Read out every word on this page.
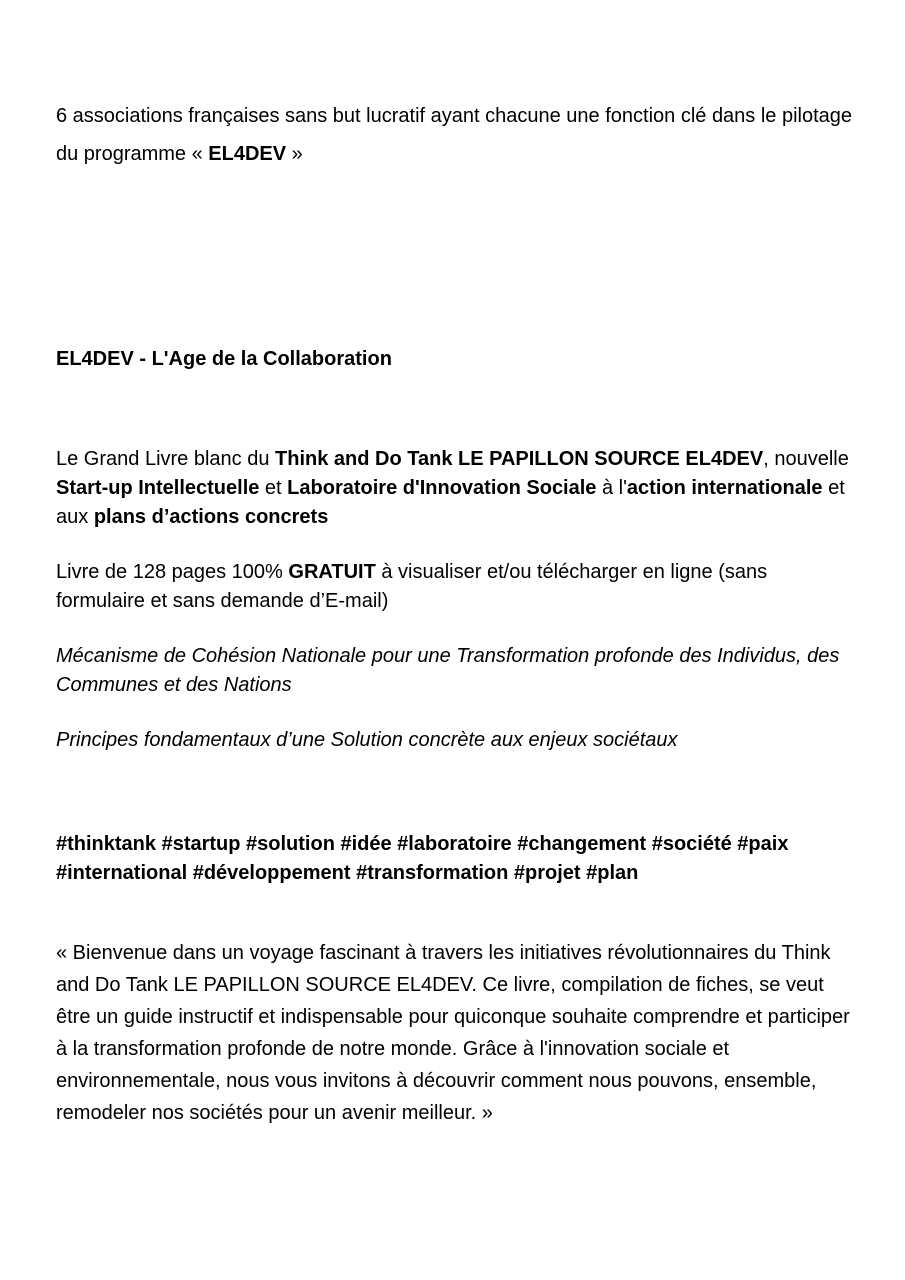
6 associations françaises sans but lucratif ayant chacune une fonction clé dans le pilotage
du programme « EL4DEV »

EL4DEV - L'Age de la Collaboration

Le Grand Livre blanc du Think and Do Tank LE PAPILLON SOURCE EL4DEV, nouvelle
Start-up Intellectuelle et Laboratoire d'Innovation Sociale à l'action internationale et
aux plans d’actions concrets

Livre de 128 pages 100% GRATUIT à visualiser et/ou télécharger en ligne (sans
formulaire et sans demande d’E-mail)

Mécanisme de Cohésion Nationale pour une Transformation profonde des Individus, des
Communes et des Nations

Principes fondamentaux d’une Solution concrète aux enjeux sociétaux

#thinktank #startup #solution #idée #laboratoire #changement #société #paix
#international #développement #transformation #projet #plan

« Bienvenue dans un voyage fascinant à travers les initiatives révolutionnaires du Think
and Do Tank LE PAPILLON SOURCE EL4DEV. Ce livre, compilation de fiches, se veut
être un guide instructif et indispensable pour quiconque souhaite comprendre et participer
à la transformation profonde de notre monde. Grâce à l'innovation sociale et
environnementale, nous vous invitons à découvrir comment nous pouvons, ensemble,
remodeler nos sociétés pour un avenir meilleur. »
